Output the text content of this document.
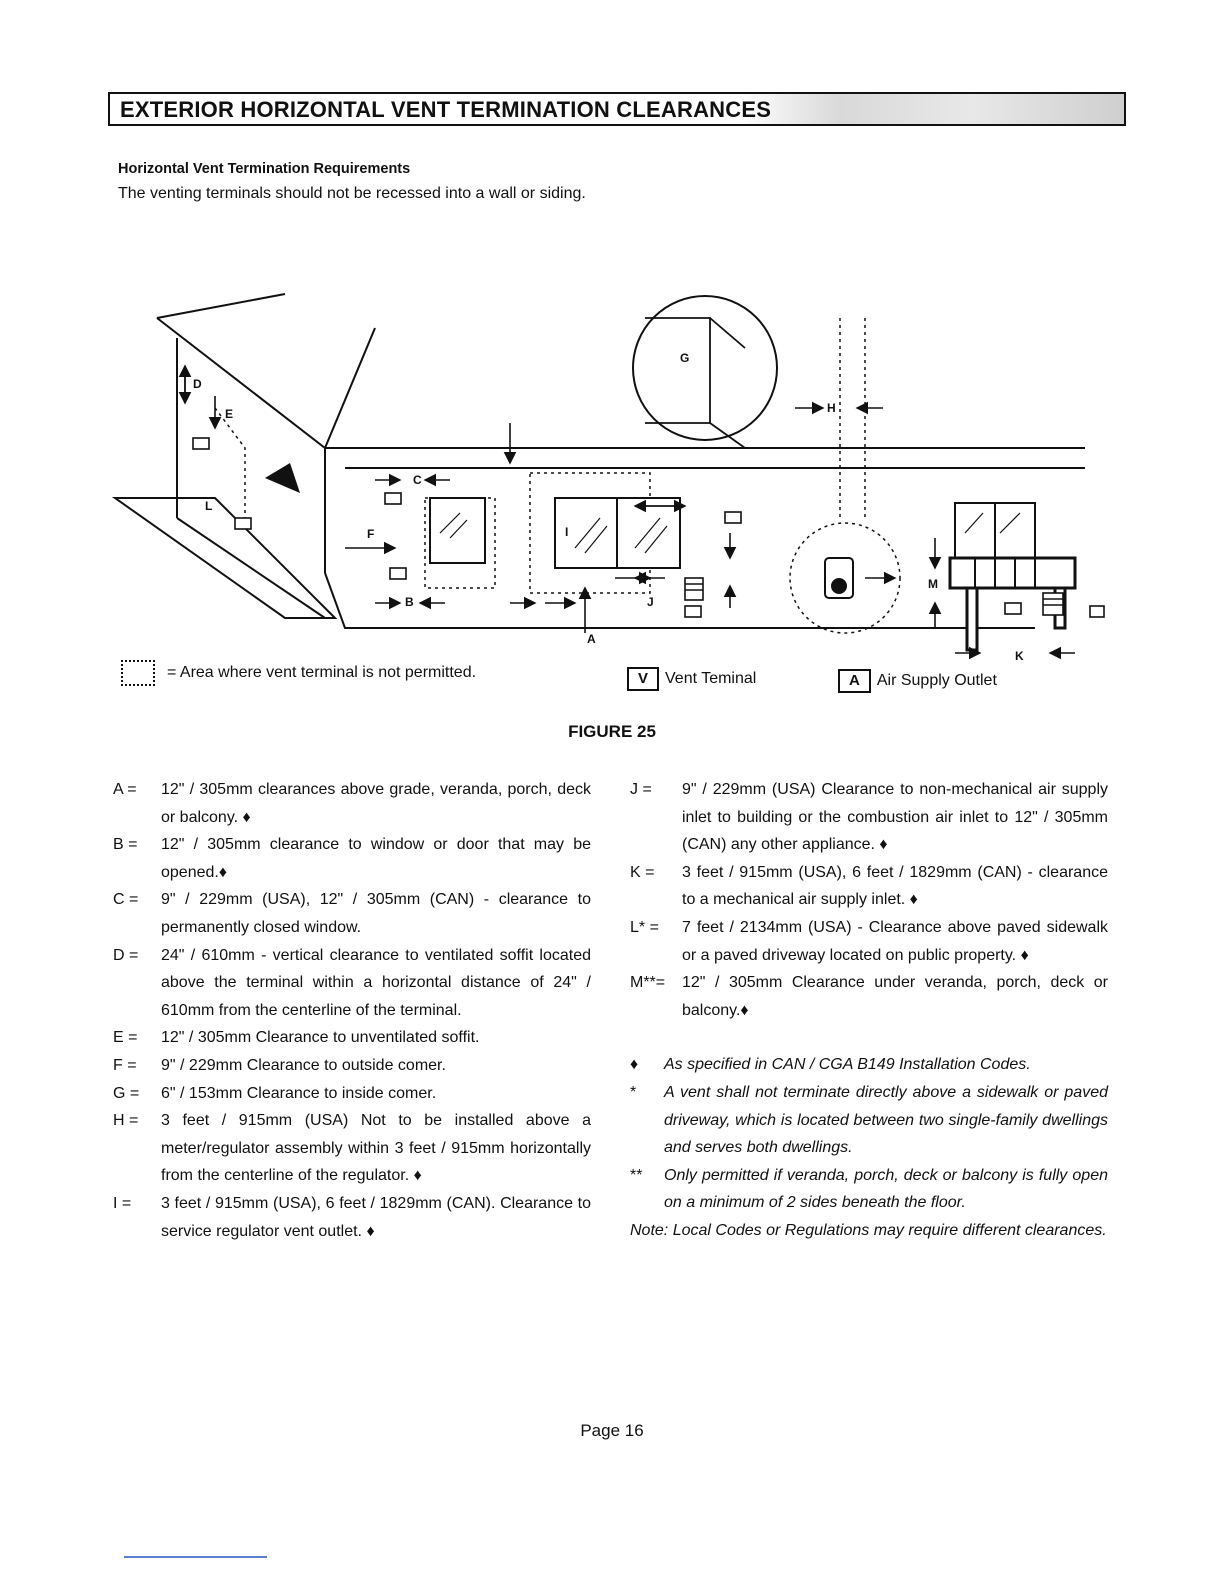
EXTERIOR HORIZONTAL VENT TERMINATION CLEARANCES
Horizontal Vent Termination Requirements
The venting terminals should not be recessed into a wall or siding.
A
B
C
D
E
F
G
H
I
J
K
L
M
= Area where vent terminal is not permitted.	V	Vent Teminal	A	Air Supply Outlet
FIGURE 25
A =	12" / 305mm clearances above grade, veranda, porch, deck or balcony. ♦
B =	12" / 305mm clearance to window or door that may be opened.♦
C =	9" / 229mm (USA), 12" / 305mm (CAN) - clearance to permanently closed window.
D =	24" / 610mm - vertical clearance to ventilated soffit located above the terminal within a horizontal distance of 24" / 610mm from the centerline of the terminal.
E =	12" / 305mm Clearance to unventilated soffit.
F =	9" / 229mm Clearance to outside comer.
G =	6" / 153mm Clearance to inside comer.
H =	3 feet / 915mm (USA) Not to be installed above a meter/regulator assembly within 3 feet / 915mm horizontally from the centerline of the regulator. ♦
I =	3 feet / 915mm (USA), 6 feet / 1829mm (CAN). Clearance to service regulator vent outlet. ♦
J =	9" / 229mm (USA) Clearance to non-mechanical air supply inlet to building or the combustion air inlet to 12" / 305mm (CAN) any other appliance. ♦
K =	3 feet / 915mm (USA), 6 feet / 1829mm (CAN) - clearance to a mechanical air supply inlet. ♦
L* =	7 feet / 2134mm (USA) - Clearance above paved sidewalk or a paved driveway located on public property. ♦
M**=	12" / 305mm Clearance under veranda, porch, deck or balcony.♦
♦	As specified in CAN / CGA B149 Installation Codes.
*	A vent shall not terminate directly above a sidewalk or paved driveway, which is located between two single-family dwellings and serves both dwellings.
**	Only permitted if veranda, porch, deck or balcony is fully open on a minimum of 2 sides beneath the floor.
Note: Local Codes or Regulations may require different clearances.
Page 16
